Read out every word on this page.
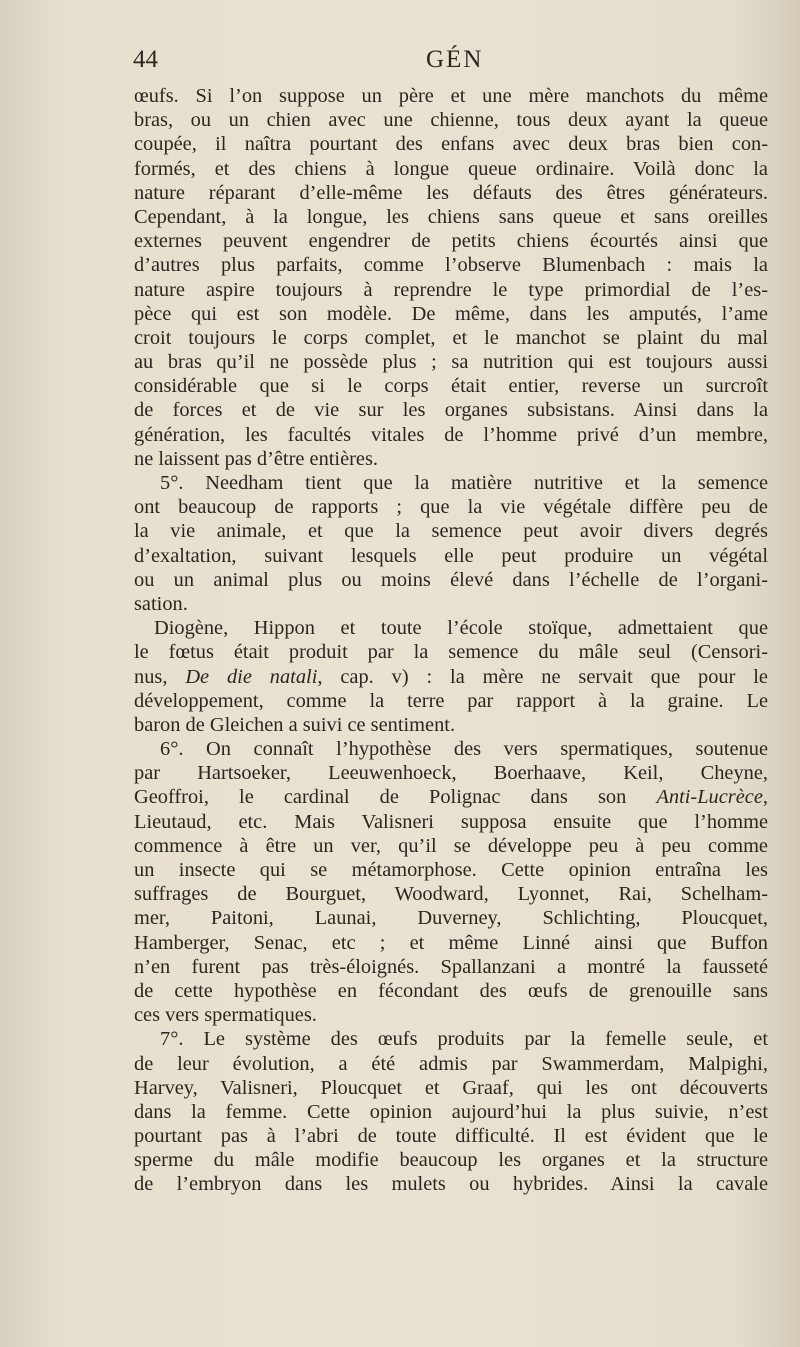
44	GÉN
œufs. Si l’on suppose un père et une mère manchots du même
bras, ou un chien avec une chienne, tous deux ayant la queue
coupée, il naîtra pourtant des enfans avec deux bras bien con-
formés, et des chiens à longue queue ordinaire. Voilà donc la
nature réparant d’elle-même les défauts des êtres générateurs.
Cependant, à la longue, les chiens sans queue et sans oreilles
externes peuvent engendrer de petits chiens écourtés ainsi que
d’autres plus parfaits, comme l’observe Blumenbach : mais la
nature aspire toujours à reprendre le type primordial de l’es-
pèce qui est son modèle. De même, dans les amputés, l’ame
croit toujours le corps complet, et le manchot se plaint du mal
au bras qu’il ne possède plus ; sa nutrition qui est toujours aussi
considérable que si le corps était entier, reverse un surcroît
de forces et de vie sur les organes subsistans. Ainsi dans la
génération, les facultés vitales de l’homme privé d’un membre,
ne laissent pas d’être entières.
5°. Needham tient que la matière nutritive et la semence
ont beaucoup de rapports ; que la vie végétale diffère peu de
la vie animale, et que la semence peut avoir divers degrés
d’exaltation, suivant lesquels elle peut produire un végétal
ou un animal plus ou moins élevé dans l’échelle de l’organi-
sation.
Diogène, Hippon et toute l’école stoïque, admettaient que
le fœtus était produit par la semence du mâle seul (Censori-
nus, De die natali, cap. v) : la mère ne servait que pour le
développement, comme la terre par rapport à la graine. Le
baron de Gleichen a suivi ce sentiment.
6°. On connaît l’hypothèse des vers spermatiques, soutenue
par Hartsoeker, Leeuwenhoeck, Boerhaave, Keil, Cheyne,
Geoffroi, le cardinal de Polignac dans son Anti-Lucrèce,
Lieutaud, etc. Mais Valisneri supposa ensuite que l’homme
commence à être un ver, qu’il se développe peu à peu comme
un insecte qui se métamorphose. Cette opinion entraîna les
suffrages de Bourguet, Woodward, Lyonnet, Rai, Schelham-
mer, Paitoni, Launai, Duverney, Schlichting, Ploucquet,
Hamberger, Senac, etc ; et même Linné ainsi que Buffon
n’en furent pas très-éloignés. Spallanzani a montré la fausseté
de cette hypothèse en fécondant des œufs de grenouille sans
ces vers spermatiques.
7°. Le système des œufs produits par la femelle seule, et
de leur évolution, a été admis par Swammerdam, Malpighi,
Harvey, Valisneri, Ploucquet et Graaf, qui les ont découverts
dans la femme. Cette opinion aujourd’hui la plus suivie, n’est
pourtant pas à l’abri de toute difficulté. Il est évident que le
sperme du mâle modifie beaucoup les organes et la structure
de l’embryon dans les mulets ou hybrides. Ainsi la cavale
